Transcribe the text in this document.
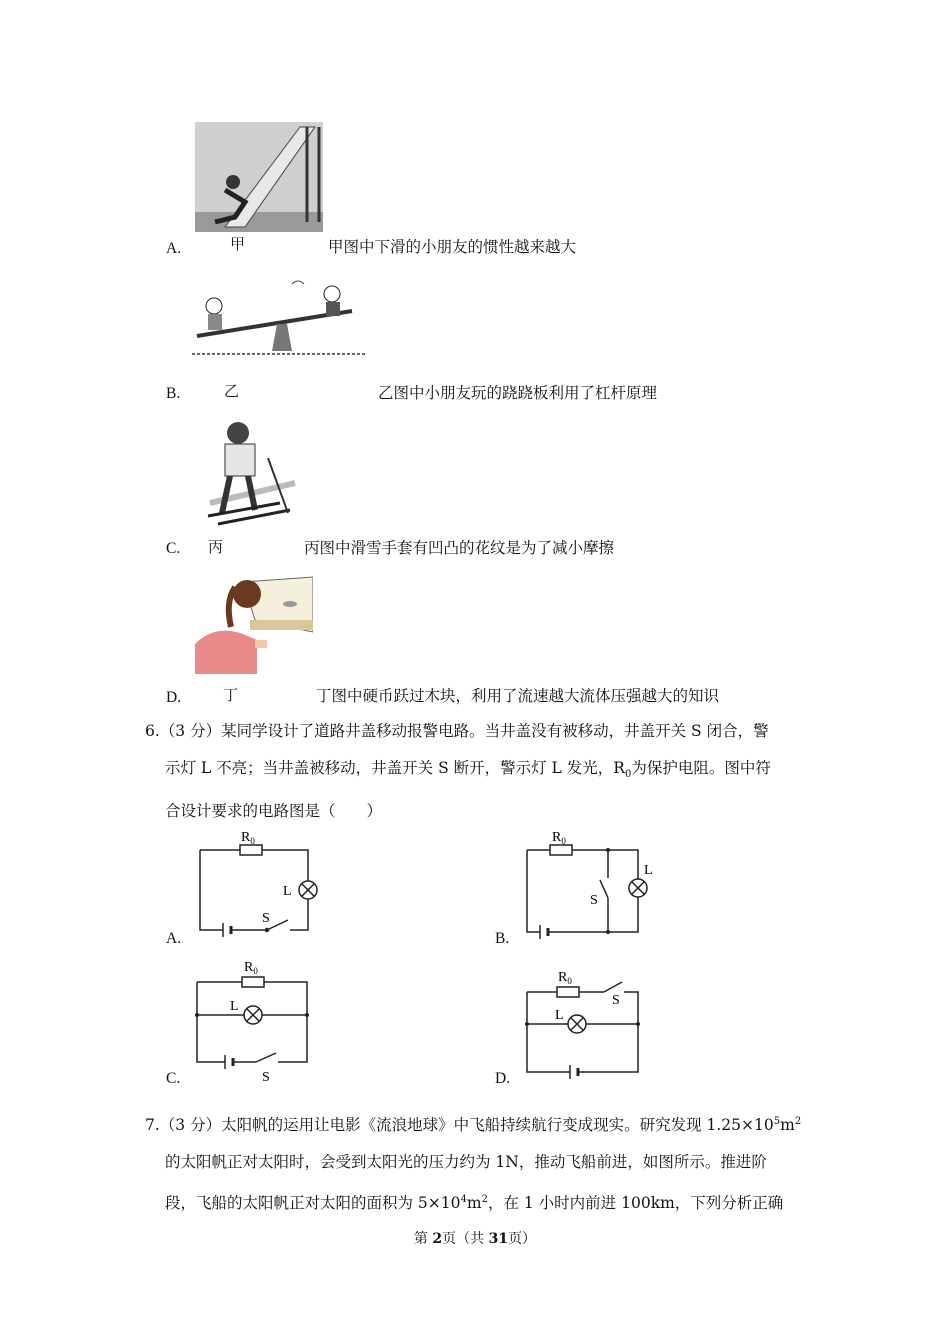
甲
A.	甲图中下滑的小朋友的惯性越来越大
乙
B.	乙图中小朋友玩的跷跷板利用了杠杆原理
丙
C.	丙图中滑雪手套有凹凸的花纹是为了减小摩擦
丁
D.	丁图中硬币跃过木块，利用了流速越大流体压强越大的知识
6.（3 分）某同学设计了道路井盖移动报警电路。当井盖没有被移动，井盖开关 S 闭合，警
示灯 L 不亮；当井盖被移动，井盖开关 S 断开，警示灯 L 发光，$R_0$为保护电阻。图中符
合设计要求的电路图是（　　）
A.
$R_0$
L
S
B.
$R_0$
L
S
C.
$R_0$
L
S	D.
$R_0$
L
S
7.（3 分）太阳帆的运用让电影《流浪地球》中飞船持续航行变成现实。研究发现 $1.25\times 10^5m^2$
的太阳帆正对太阳时，会受到太阳光的压力约为 1N，推动飞船前进，如图所示。推进阶
段，飞船的太阳帆正对太阳的面积为 $5\times 10^4m^2$，在 1 小时内前进 100km，下列分析正确
第 2页（共 31页）
